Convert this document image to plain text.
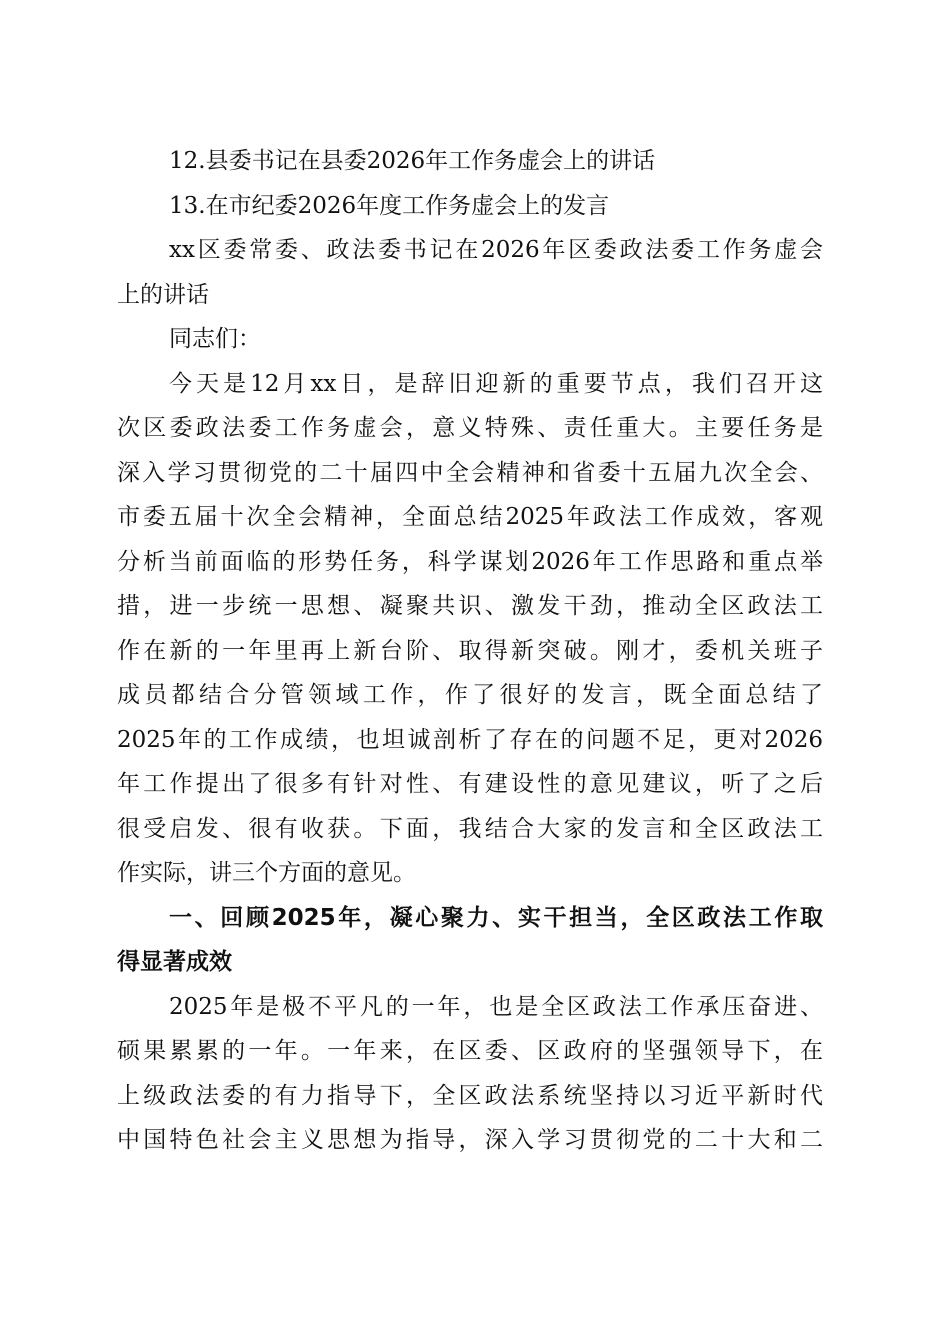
12.县委书记在县委2026年工作务虚会上的讲话
13.在市纪委2026年度工作务虚会上的发言
xx区委常委、政法委书记在2026年区委政法委工作务虚会
上的讲话
同志们：
今天是12月xx日，是辞旧迎新的重要节点，我们召开这
次区委政法委工作务虚会，意义特殊、责任重大。主要任务是
深入学习贯彻党的二十届四中全会精神和省委十五届九次全会、
市委五届十次全会精神，全面总结2025年政法工作成效，客观
分析当前面临的形势任务，科学谋划2026年工作思路和重点举
措，进一步统一思想、凝聚共识、激发干劲，推动全区政法工
作在新的一年里再上新台阶、取得新突破。刚才，委机关班子
成员都结合分管领域工作，作了很好的发言，既全面总结了
2025年的工作成绩，也坦诚剖析了存在的问题不足，更对2026
年工作提出了很多有针对性、有建设性的意见建议，听了之后
很受启发、很有收获。下面，我结合大家的发言和全区政法工
作实际，讲三个方面的意见。
一、回顾2025年，凝心聚力、实干担当，全区政法工作取
得显著成效
2025年是极不平凡的一年，也是全区政法工作承压奋进、
硕果累累的一年。一年来，在区委、区政府的坚强领导下，在
上级政法委的有力指导下，全区政法系统坚持以习近平新时代
中国特色社会主义思想为指导，深入学习贯彻党的二十大和二
